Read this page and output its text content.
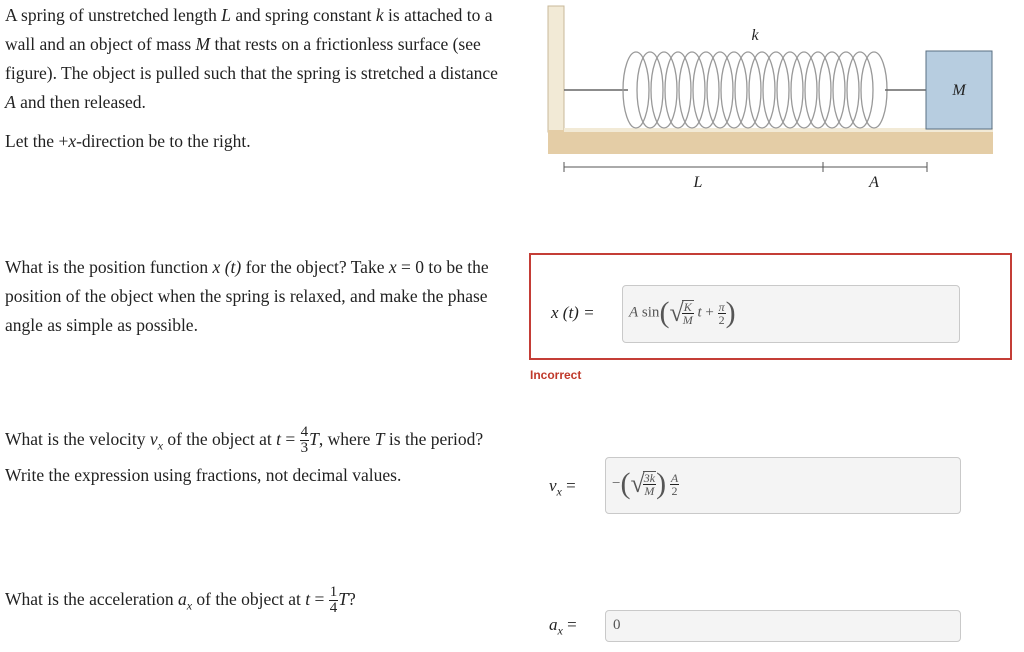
A spring of unstretched length L and spring constant k is attached to a wall and an object of mass M that rests on a frictionless surface (see figure). The object is pulled such that the spring is stretched a distance A and then released.
Let the +x-direction be to the right.
M
k
L	A
What is the position function x (t) for the object? Take x = 0 to be the position of the object when the spring is relaxed, and make the phase angle as simple as possible.
x (t) = A sin(√
$\frac{K}{M}$ $t + \frac{\pi}{2}$ )
Incorrect
What is the velocity $v_x$ of the object at $t = \frac{4}{3} T$, where T is the period? Write the expression using fractions, not decimal values.
$v_x$ = −(√
$\frac{3k}{M}$ ) $\frac{A}{2}$
What is the acceleration $a_x$ of the object at $t = \frac{1}{4} T$?
$a_x = 0$
